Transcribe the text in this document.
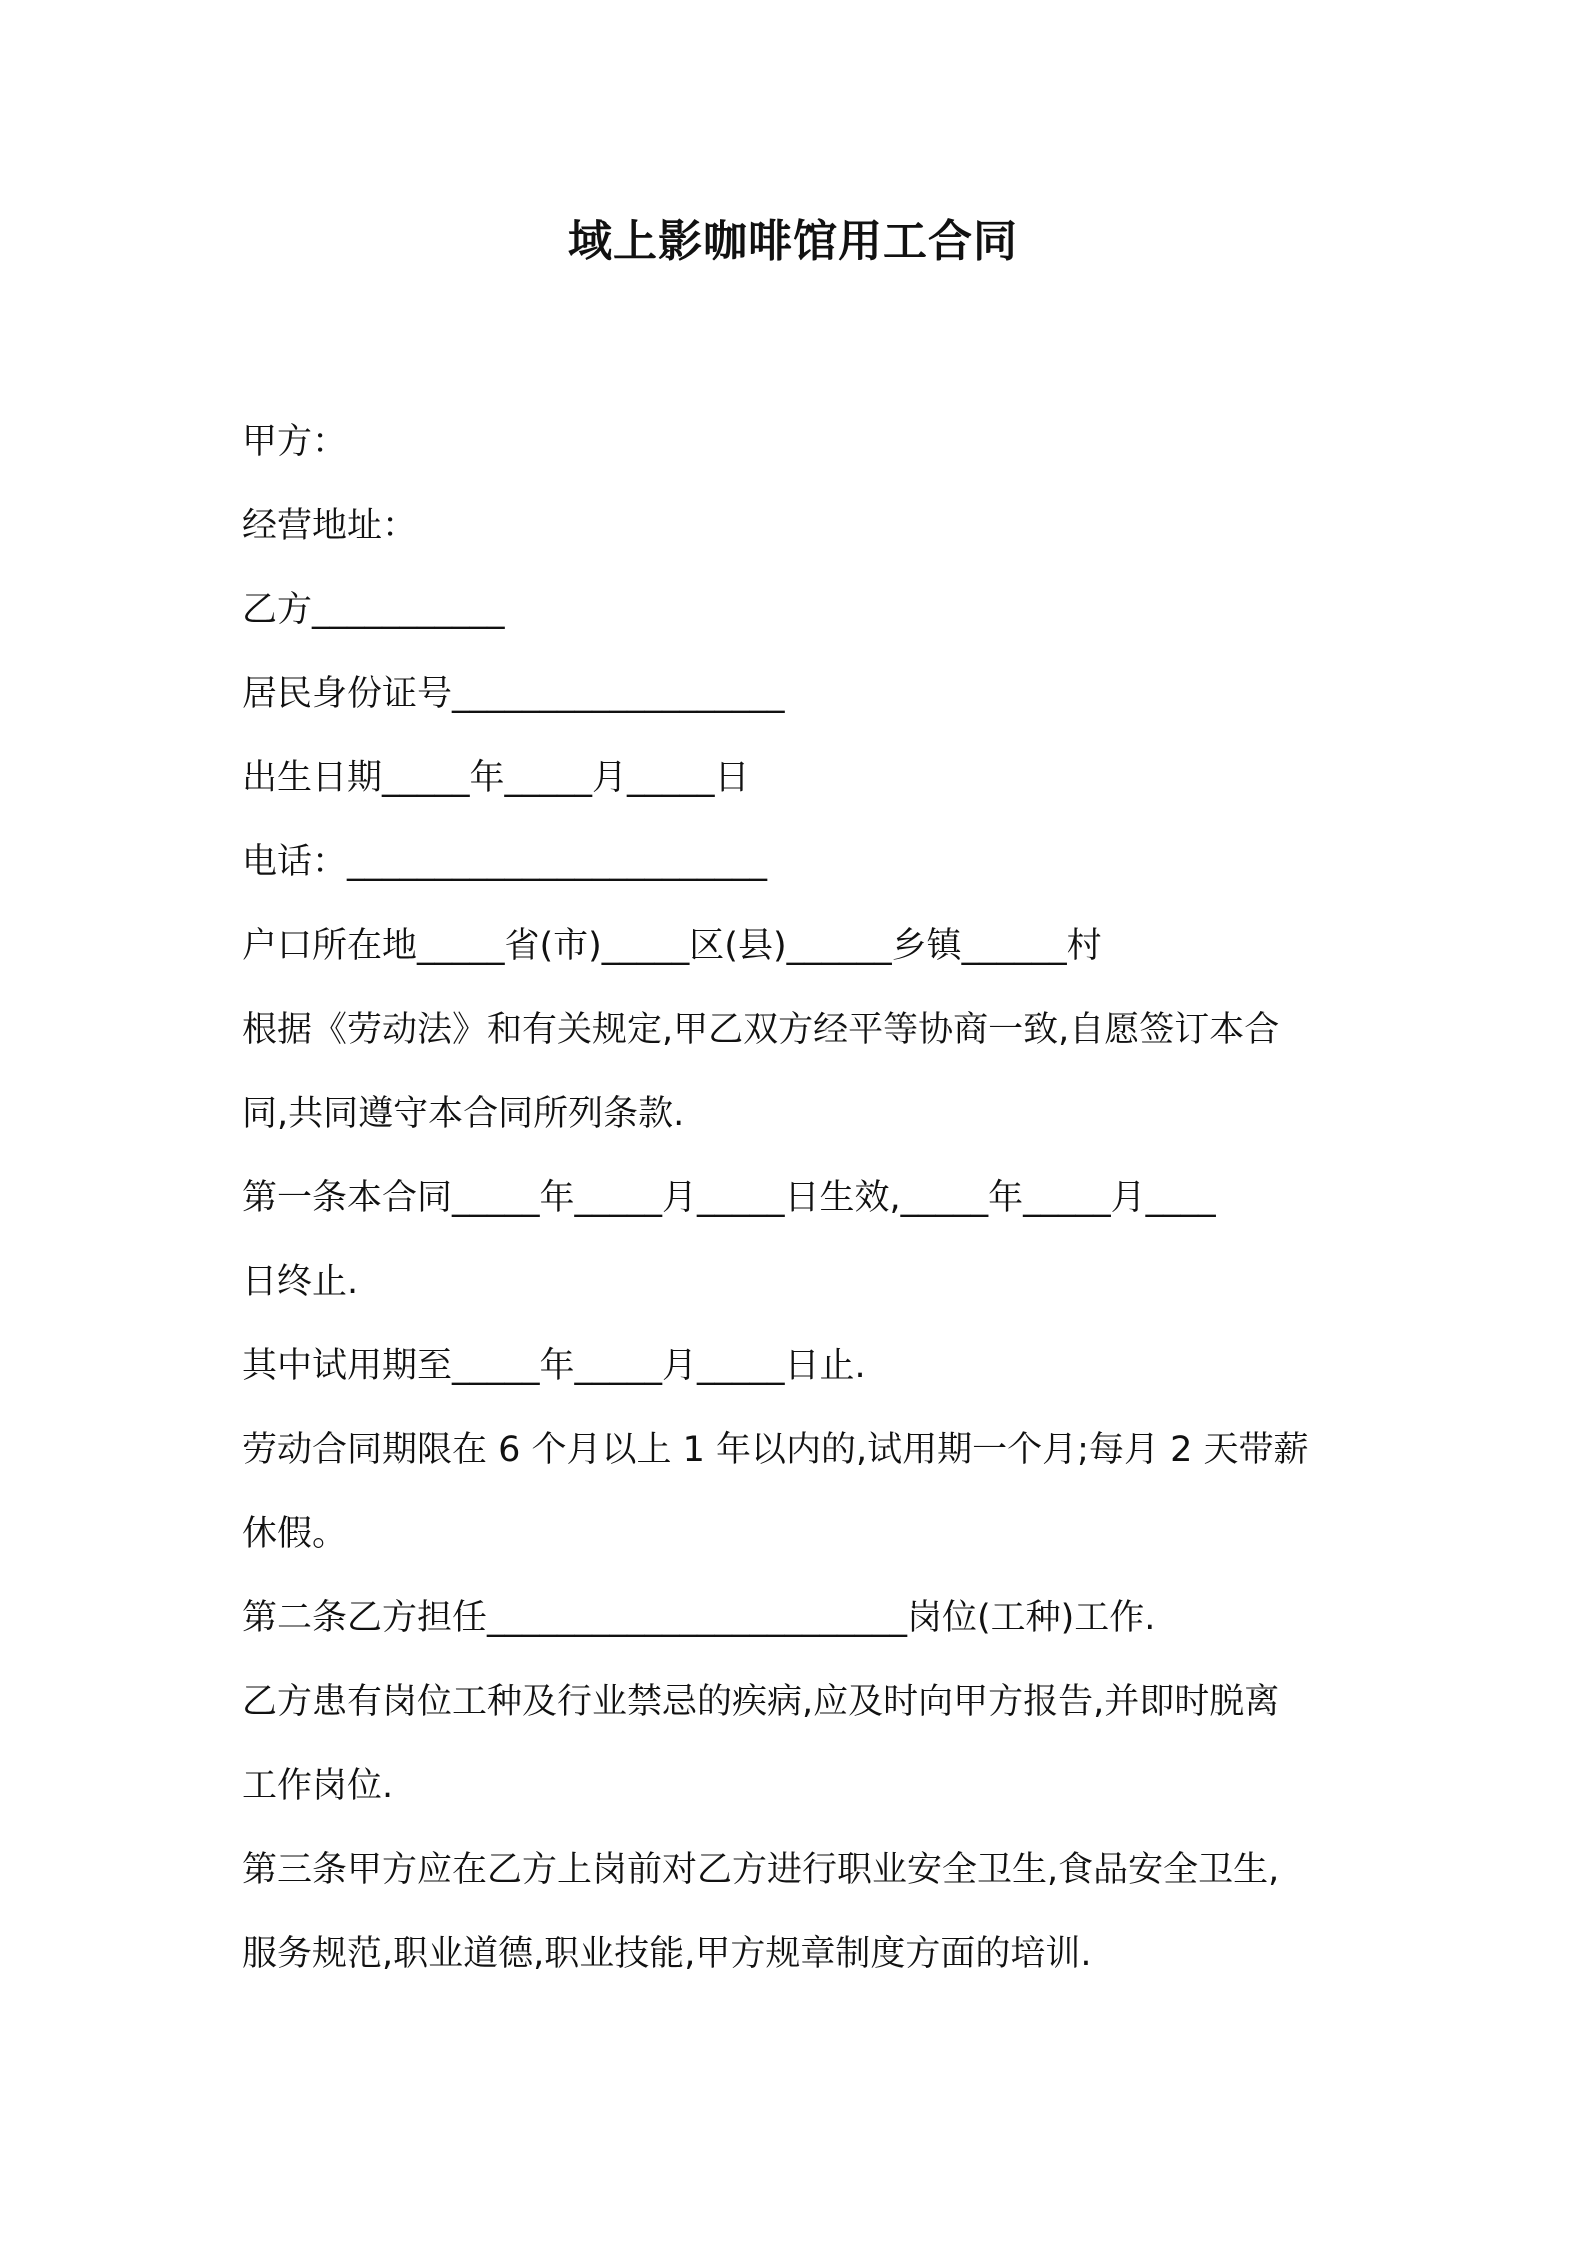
域上影咖啡馆用工合同
甲方：
经营地址：
乙方___________
居民身份证号___________________
出生日期_____年_____月_____日
电话：________________________
户口所在地_____省(市)_____区(县)______乡镇______村
根据《劳动法》和有关规定,甲乙双方经平等协商一致,自愿签订本合
同,共同遵守本合同所列条款.
第一条本合同_____年_____月_____日生效,_____年_____月____
日终止.
其中试用期至_____年_____月_____日止.
劳动合同期限在 6 个月以上 1 年以内的,试用期一个月;每月 2 天带薪
休假。
第二条乙方担任________________________岗位(工种)工作.
乙方患有岗位工种及行业禁忌的疾病,应及时向甲方报告,并即时脱离
工作岗位.
第三条甲方应在乙方上岗前对乙方进行职业安全卫生,食品安全卫生,
服务规范,职业道德,职业技能,甲方规章制度方面的培训.
